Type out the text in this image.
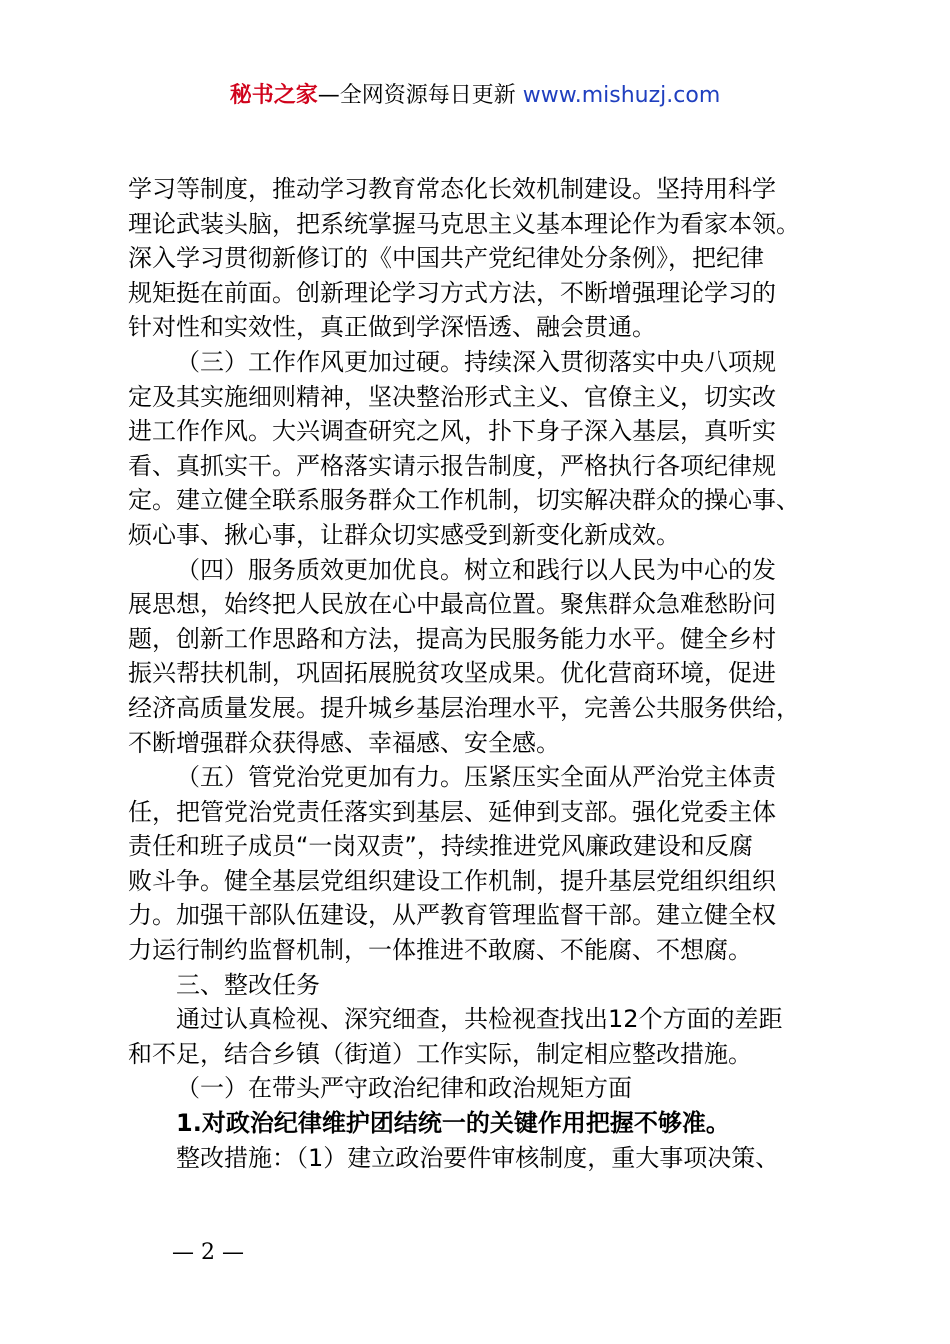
秘书之家—全网资源每日更新 www.mishuzj.com
学习等制度，推动学习教育常态化长效机制建设。坚持用科学
理论武装头脑，把系统掌握马克思主义基本理论作为看家本领。
深入学习贯彻新修订的《中国共产党纪律处分条例》，把纪律
规矩挺在前面。创新理论学习方式方法，不断增强理论学习的
针对性和实效性，真正做到学深悟透、融会贯通。
（三）工作作风更加过硬。持续深入贯彻落实中央八项规
定及其实施细则精神，坚决整治形式主义、官僚主义，切实改
进工作作风。大兴调查研究之风，扑下身子深入基层，真听实
看、真抓实干。严格落实请示报告制度，严格执行各项纪律规
定。建立健全联系服务群众工作机制，切实解决群众的操心事、
烦心事、揪心事，让群众切实感受到新变化新成效。
（四）服务质效更加优良。树立和践行以人民为中心的发
展思想，始终把人民放在心中最高位置。聚焦群众急难愁盼问
题，创新工作思路和方法，提高为民服务能力水平。健全乡村
振兴帮扶机制，巩固拓展脱贫攻坚成果。优化营商环境，促进
经济高质量发展。提升城乡基层治理水平，完善公共服务供给，
不断增强群众获得感、幸福感、安全感。
（五）管党治党更加有力。压紧压实全面从严治党主体责
任，把管党治党责任落实到基层、延伸到支部。强化党委主体
责任和班子成员“一岗双责”，持续推进党风廉政建设和反腐
败斗争。健全基层党组织建设工作机制，提升基层党组织组织
力。加强干部队伍建设，从严教育管理监督干部。建立健全权
力运行制约监督机制，一体推进不敢腐、不能腐、不想腐。
三、整改任务
通过认真检视、深究细查，共检视查找出12个方面的差距
和不足，结合乡镇（街道）工作实际，制定相应整改措施。
（一）在带头严守政治纪律和政治规矩方面
1.对政治纪律维护团结统一的关键作用把握不够准。
整改措施：（1）建立政治要件审核制度，重大事项决策、
— 2 —
